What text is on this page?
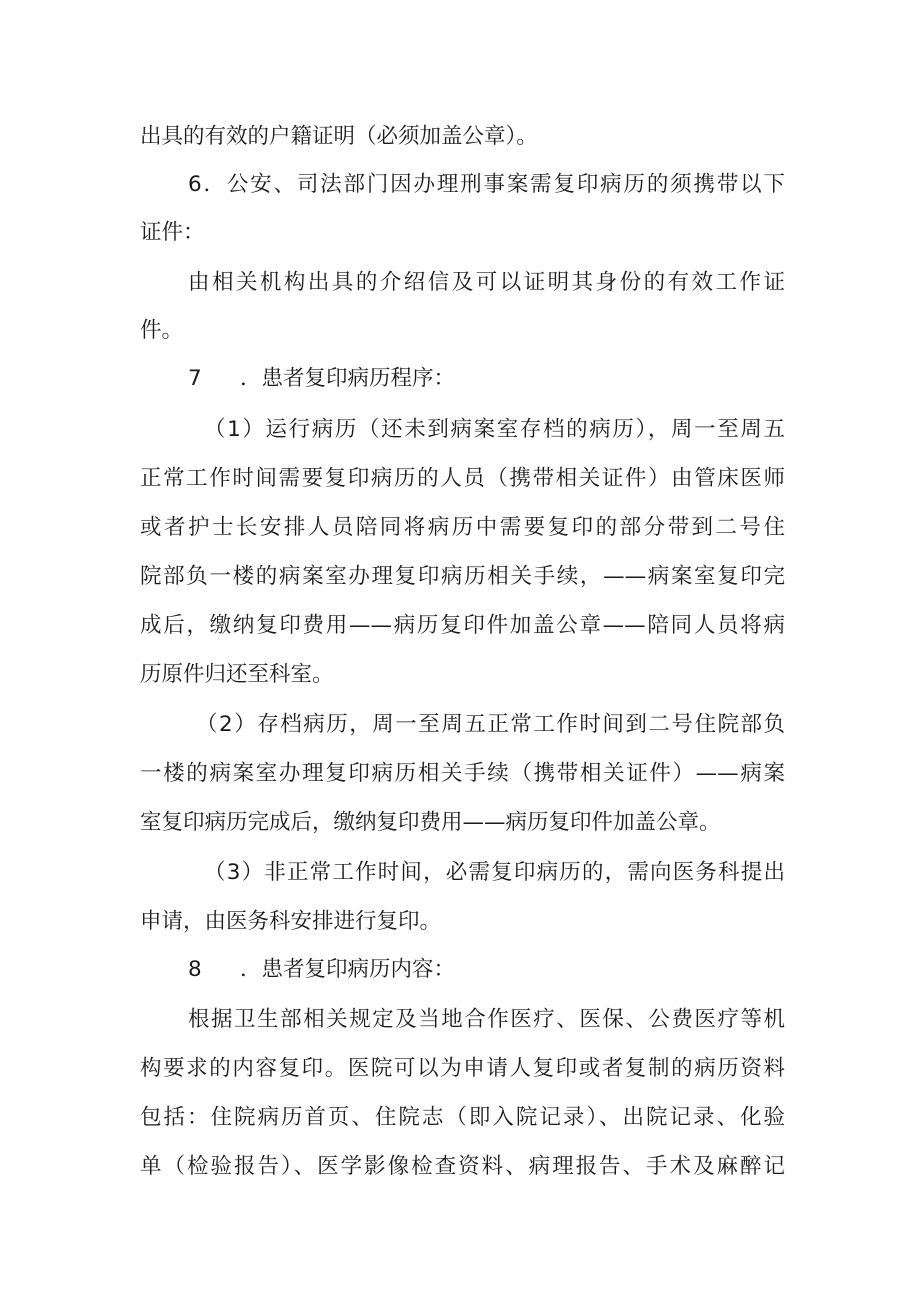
出具的有效的户籍证明（必须加盖公章）。
6．公安、司法部门因办理刑事案需复印病历的须携带以下
证件：
由相关机构出具的介绍信及可以证明其身份的有效工作证
件。
7 ．患者复印病历程序：
（1）运行病历（还未到病案室存档的病历），周一至周五
正常工作时间需要复印病历的人员（携带相关证件）由管床医师
或者护士长安排人员陪同将病历中需要复印的部分带到二号住
院部负一楼的病案室办理复印病历相关手续，——病案室复印完
成后，缴纳复印费用——病历复印件加盖公章——陪同人员将病
历原件归还至科室。
（2）存档病历，周一至周五正常工作时间到二号住院部负
一楼的病案室办理复印病历相关手续（携带相关证件）——病案
室复印病历完成后，缴纳复印费用——病历复印件加盖公章。
（3）非正常工作时间，必需复印病历的，需向医务科提出
申请，由医务科安排进行复印。
8 ．患者复印病历内容：
根据卫生部相关规定及当地合作医疗、医保、公费医疗等机
构要求的内容复印。医院可以为申请人复印或者复制的病历资料
包括：住院病历首页、住院志（即入院记录）、出院记录、化验
单（检验报告）、医学影像检查资料、病理报告、手术及麻醉记
